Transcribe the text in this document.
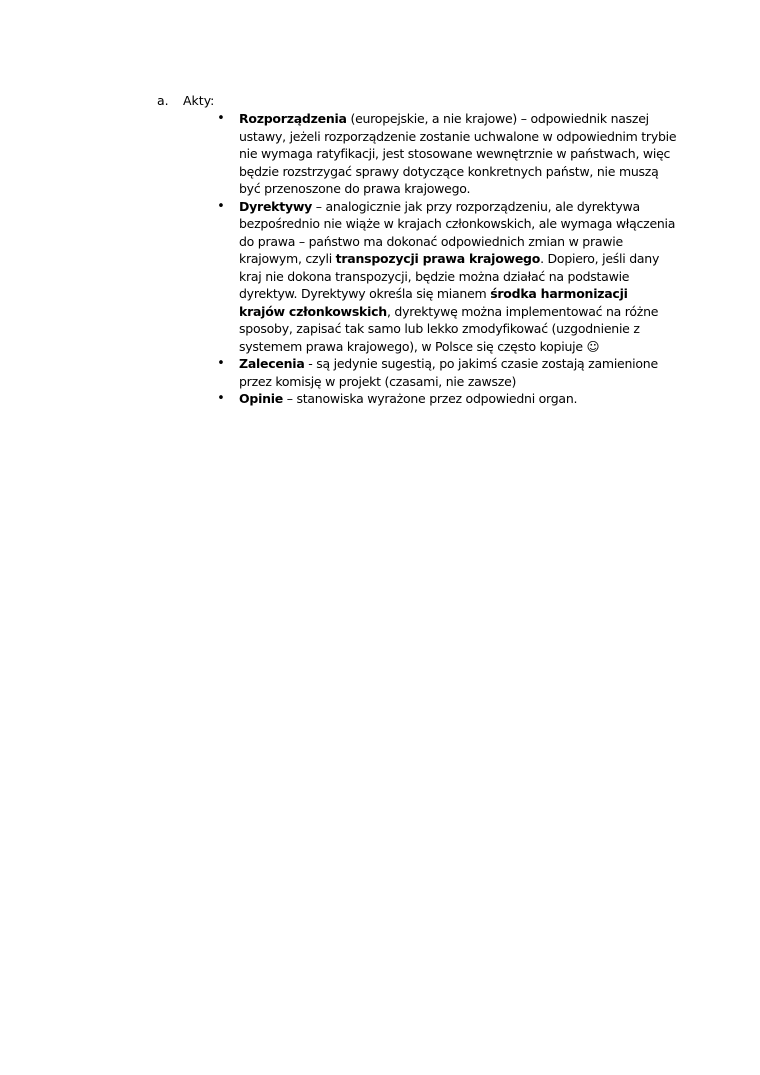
a. Akty:
• Rozporządzenia (europejskie, a nie krajowe) – odpowiednik naszej ustawy, jeżeli rozporządzenie zostanie uchwalone w odpowiednim trybie nie wymaga ratyfikacji, jest stosowane wewnętrznie w państwach, więc będzie rozstrzygać sprawy dotyczące konkretnych państw, nie muszą być przenoszone do prawa krajowego.
• Dyrektywy – analogicznie jak przy rozporządzeniu, ale dyrektywa bezpośrednio nie wiąże w krajach członkowskich, ale wymaga włączenia do prawa – państwo ma dokonać odpowiednich zmian w prawie krajowym, czyli transpozycji prawa krajowego. Dopiero, jeśli dany kraj nie dokona transpozycji, będzie można działać na podstawie dyrektyw. Dyrektywy określa się mianem środka harmonizacji krajów członkowskich, dyrektywę można implementować na różne sposoby, zapisać tak samo lub lekko zmodyfikować (uzgodnienie z systemem prawa krajowego), w Polsce się często kopiuje ☺
• Zalecenia - są jedynie sugestią, po jakimś czasie zostają zamienione przez komisję w projekt (czasami, nie zawsze)
• Opinie – stanowiska wyrażone przez odpowiedni organ.
